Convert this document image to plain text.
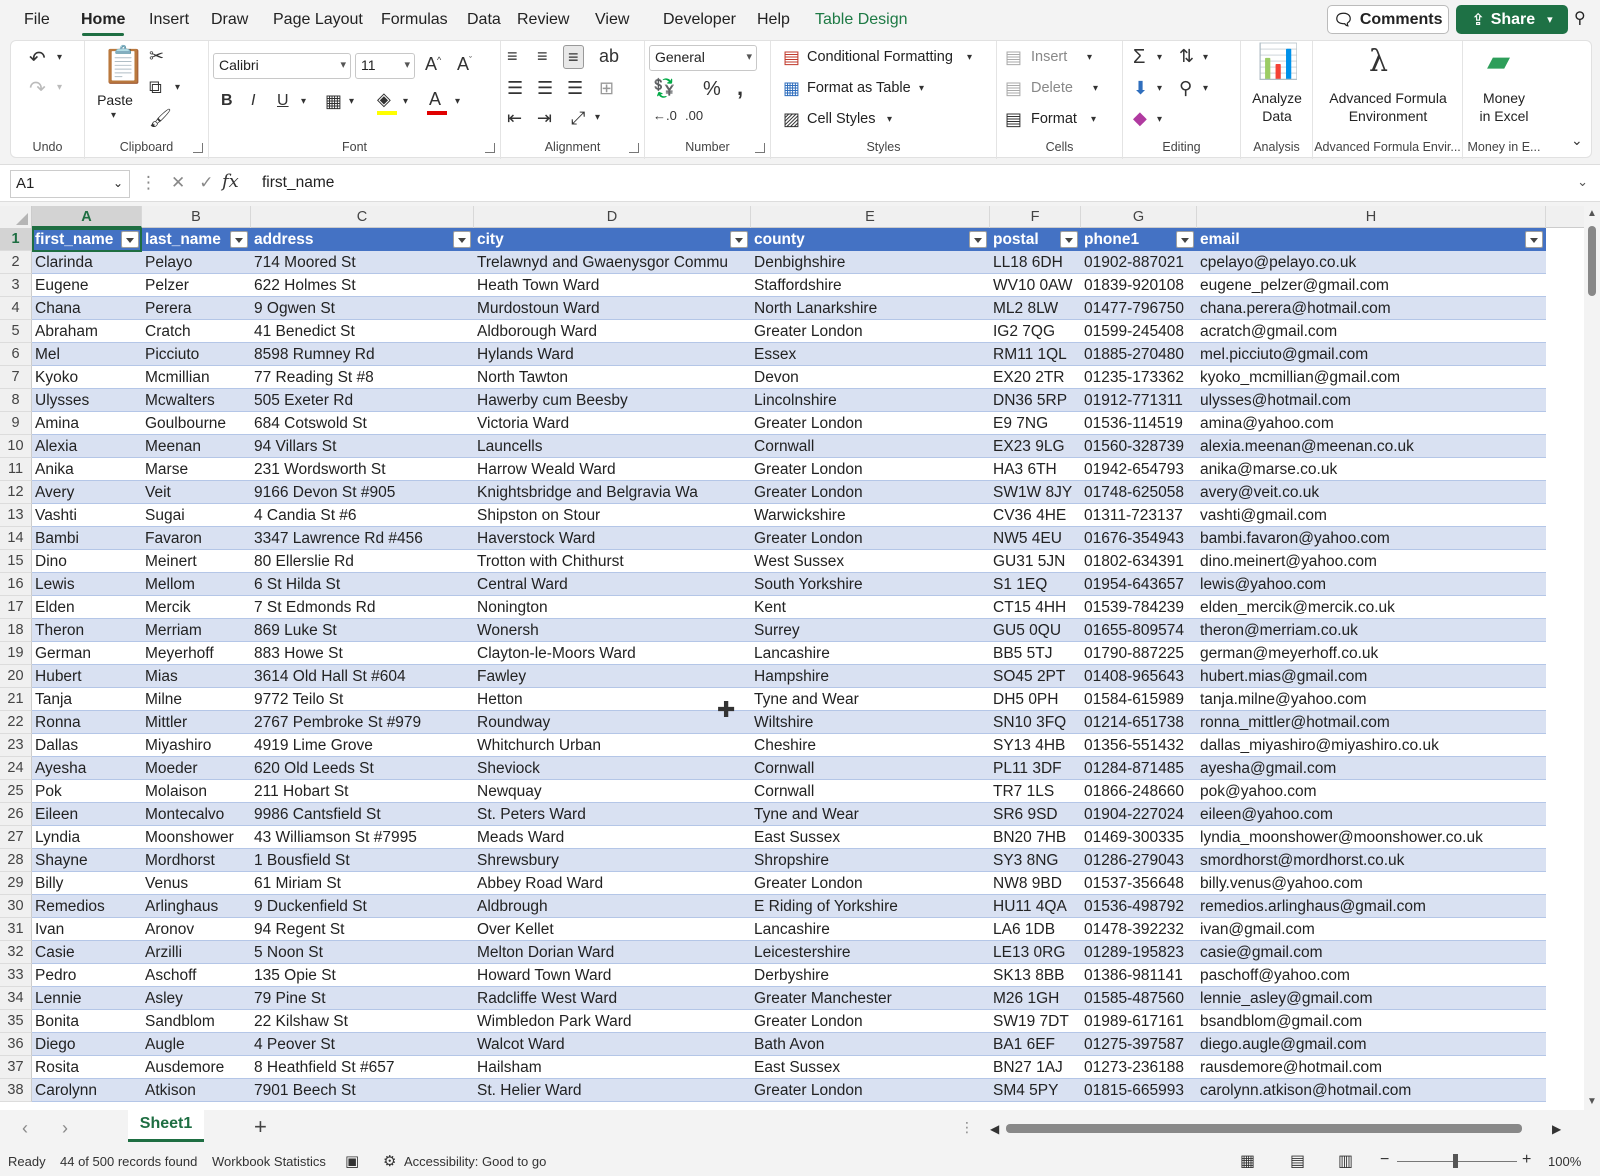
File	Home	Insert	Draw	Page Layout	Formulas	Data	Review	View	Developer	Help	Table Design	🗨 Comments ⇪ Share ▾ ⚲
↶ ▾
↷ ▾
Undo
📋
Paste
▾
✂
⧉ ▾
🖌
Clipboard
Calibri	▾	11	▾ A^ $A^ˇ$
B I U ▾ ▦ ▾ ◈ ▾ A ▾
Font
≡ ≡ ≡ ab
☰ ☰ ☰ ⊞
⇤ ⇥ ⤢ ▾
Alignment
General	▾
💱 % ,
←.0 .00
Number
▤ Conditional Formatting ▾
▦ Format as Table ▾
▨ Cell Styles ▾
Styles
▤ Insert ▾
▤ Delete ▾
▤ Format ▾
Cells
Σ ▾ ⇅ ▾
⬇ ▾ ⚲ ▾
◆ ▾
Editing
📊
Analyze
Data
Analysis
λ
Advanced Formula
Environment
Advanced Formula Envir...
▰
Money
in Excel
Money in E...	⌄
A1	⌄ ⋮ ✕ ✓ fx first_name	⌄
A	B	C	D	E	F	G	H
1 first_name	last_name	address	city	county	postal	phone1	email
2 Clarinda	Pelayo	714 Moored St	Trelawnyd and Gwaenysgor Commu	Denbighshire	LL18 6DH	01902-887021	cpelayo@pelayo.co.uk
3 Eugene	Pelzer	622 Holmes St	Heath Town Ward	Staffordshire	WV10 0AW 01839-920108	eugene_pelzer@gmail.com
4 Chana	Perera	9 Ogwen St	Murdostoun Ward	North Lanarkshire	ML2 8LW	01477-796750	chana.perera@hotmail.com
5 Abraham	Cratch	41 Benedict St	Aldborough Ward	Greater London	IG2 7QG	01599-245408	acratch@gmail.com
6 Mel	Picciuto	8598 Rumney Rd	Hylands Ward	Essex	RM11 1QL	01885-270480	mel.picciuto@gmail.com
7 Kyoko	Mcmillian	77 Reading St #8	North Tawton	Devon	EX20 2TR	01235-173362	kyoko_mcmillian@gmail.com
8 Ulysses	Mcwalters	505 Exeter Rd	Hawerby cum Beesby	Lincolnshire	DN36 5RP	01912-771311	ulysses@hotmail.com
9 Amina	Goulbourne	684 Cotswold St	Victoria Ward	Greater London	E9 7NG	01536-114519	amina@yahoo.com
10 Alexia	Meenan	94 Villars St	Launcells	Cornwall	EX23 9LG	01560-328739	alexia.meenan@meenan.co.uk
11 Anika	Marse	231 Wordsworth St	Harrow Weald Ward	Greater London	HA3 6TH	01942-654793	anika@marse.co.uk
12 Avery	Veit	9166 Devon St #905	Knightsbridge and Belgravia Wa	Greater London	SW1W 8JY 01748-625058	avery@veit.co.uk
13 Vashti	Sugai	4 Candia St #6	Shipston on Stour	Warwickshire	CV36 4HE	01311-723137	vashti@gmail.com
14 Bambi	Favaron	3347 Lawrence Rd #456	Haverstock Ward	Greater London	NW5 4EU	01676-354943	bambi.favaron@yahoo.com
15 Dino	Meinert	80 Ellerslie Rd	Trotton with Chithurst	West Sussex	GU31 5JN	01802-634391	dino.meinert@yahoo.com
16 Lewis	Mellom	6 St Hilda St	Central Ward	South Yorkshire	S1 1EQ	01954-643657	lewis@yahoo.com
17 Elden	Mercik	7 St Edmonds Rd	Nonington	Kent	CT15 4HH	01539-784239	elden_mercik@mercik.co.uk
18 Theron	Merriam	869 Luke St	Wonersh	Surrey	GU5 0QU	01655-809574	theron@merriam.co.uk
19 German	Meyerhoff	883 Howe St	Clayton-le-Moors Ward	Lancashire	BB5 5TJ	01790-887225	german@meyerhoff.co.uk
20 Hubert	Mias	3614 Old Hall St #604	Fawley	Hampshire	SO45 2PT	01408-965643	hubert.mias@gmail.com
21 Tanja	Milne	9772 Teilo St	Hetton	Tyne and Wear	DH5 0PH	01584-615989	tanja.milne@yahoo.com
22 Ronna	Mittler	2767 Pembroke St #979	Roundway	Wiltshire	SN10 3FQ	01214-651738	ronna_mittler@hotmail.com
23 Dallas	Miyashiro	4919 Lime Grove	Whitchurch Urban	Cheshire	SY13 4HB	01356-551432	dallas_miyashiro@miyashiro.co.uk
24 Ayesha	Moeder	620 Old Leeds St	Sheviock	Cornwall	PL11 3DF	01284-871485	ayesha@gmail.com
25 Pok	Molaison	211 Hobart St	Newquay	Cornwall	TR7 1LS	01866-248660	pok@yahoo.com
26 Eileen	Montecalvo	9986 Cantsfield St	St. Peters Ward	Tyne and Wear	SR6 9SD	01904-227024	eileen@yahoo.com
27 Lyndia	Moonshower	43 Williamson St #7995	Meads Ward	East Sussex	BN20 7HB	01469-300335	lyndia_moonshower@moonshower.co.uk
28 Shayne	Mordhorst	1 Bousfield St	Shrewsbury	Shropshire	SY3 8NG	01286-279043	smordhorst@mordhorst.co.uk
29 Billy	Venus	61 Miriam St	Abbey Road Ward	Greater London	NW8 9BD	01537-356648	billy.venus@yahoo.com
30 Remedios	Arlinghaus	9 Duckenfield St	Aldbrough	E Riding of Yorkshire	HU11 4QA	01536-498792	remedios.arlinghaus@gmail.com
31 Ivan	Aronov	94 Regent St	Over Kellet	Lancashire	LA6 1DB	01478-392232	ivan@gmail.com
32 Casie	Arzilli	5 Noon St	Melton Dorian Ward	Leicestershire	LE13 0RG	01289-195823	casie@gmail.com
33 Pedro	Aschoff	135 Opie St	Howard Town Ward	Derbyshire	SK13 8BB	01386-981141	paschoff@yahoo.com
34 Lennie	Asley	79 Pine St	Radcliffe West Ward	Greater Manchester	M26 1GH	01585-487560	lennie_asley@gmail.com
35 Bonita	Sandblom	22 Kilshaw St	Wimbledon Park Ward	Greater London	SW19 7DT 01989-617161	bsandblom@gmail.com
36 Diego	Augle	4 Peover St	Walcot Ward	Bath Avon	BA1 6EF	01275-397587	diego.augle@gmail.com
37 Rosita	Ausdemore	8 Heathfield St #657	Hailsham	East Sussex	BN27 1AJ	01273-236188	rausdemore@hotmail.com
38 Carolynn	Atkison	7901 Beech St	St. Helier Ward	Greater London	SM4 5PY	01815-665993	carolynn.atkison@hotmail.com
✚
▲
▼
‹ ›	Sheet1	+	⋮ ◀	▶
Ready 44 of 500 records found Workbook Statistics ▣ ⚙ Accessibility: Good to go	▦ ▤ ▥ −	+ 100%
